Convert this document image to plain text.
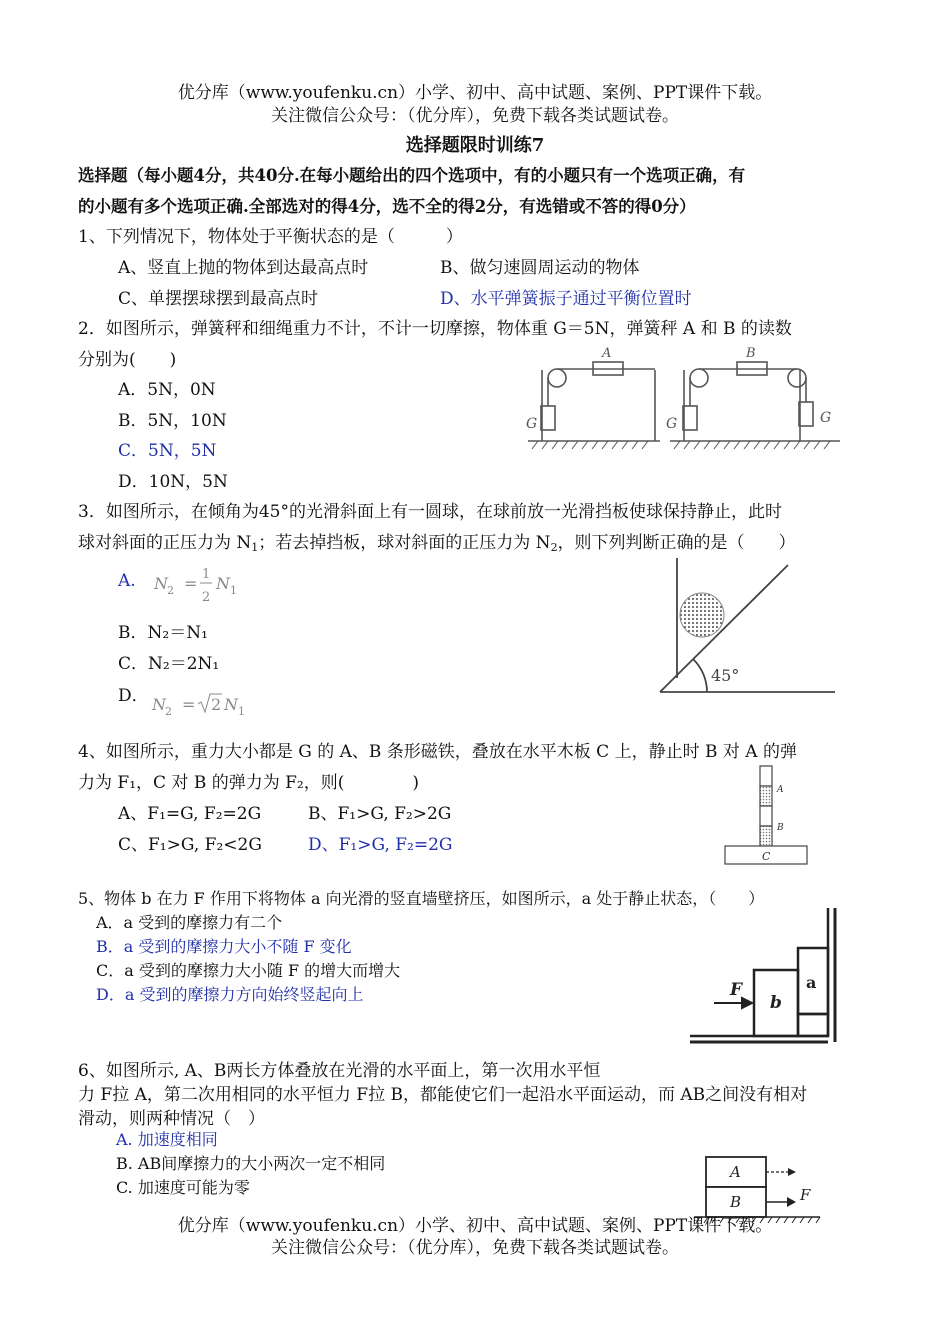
优分库（www.youfenku.cn）小学、初中、高中试题、案例、PPT课件下载。
关注微信公众号：（优分库），免费下载各类试题试卷。
选择题限时训练7
选择题（每小题4分，共40分.在每小题给出的四个选项中，有的小题只有一个选项正确，有
的小题有多个选项正确.全部选对的得4分，选不全的得2分，有选错或不答的得0分）
1、下列情况下，物体处于平衡状态的是（　　　）
A、竖直上抛的物体到达最高点时	B、做匀速圆周运动的物体
C、单摆摆球摆到最高点时	D、水平弹簧振子通过平衡位置时
2．如图所示，弹簧秤和细绳重力不计，不计一切摩擦，物体重 G＝5N，弹簧秤 A 和 B 的读数
分别为(　　)
A．5N，0N
B．5N，10N
C．5N，5N
D．10N，5N
A	B
G	G	G
3．如图所示，在倾角为45°的光滑斜面上有一圆球，在球前放一光滑挡板使球保持静止，此时
球对斜面的正压力为 $N_1$；若去掉挡板，球对斜面的正压力为 $N_2$，则下列判断正确的是（　　）
A. N 2 = 1
2
N 1
B．N₂＝N₁
C．N₂＝2N₁
D． N 2 = 2 N 1
45°
4、如图所示，重力大小都是 G 的 A、B 条形磁铁，叠放在水平木板 C 上，静止时 B 对 A 的弹
力为 F₁，C 对 B 的弹力为 F₂，则(　　　　)
A、F₁=G, F₂=2G	B、F₁>G, F₂>2G
C、F₁>G, F₂<2G	D、F₁>G, F₂=2G
A
B
C
5、物体 b 在力 F 作用下将物体 a 向光滑的竖直墙壁挤压，如图所示，a 处于静止状态，（　　）
A．a 受到的摩擦力有二个
B．a 受到的摩擦力大小不随 F 变化
C．a 受到的摩擦力大小随 F 的增大而增大
D．a 受到的摩擦力方向始终竖起向上	F
b
a
6、如图所示, A、B两长方体叠放在光滑的水平面上，第一次用水平恒
力 F拉 A，第二次用相同的水平恒力 F拉 B，都能使它们一起沿水平面运动，而 AB之间没有相对
滑动，则两种情况（　）
A. 加速度相同
B. AB间摩擦力的大小两次一定不相同
C. 加速度可能为零
A
B	F
优分库（www.youfenku.cn）小学、初中、高中试题、案例、PPT课件下载。
关注微信公众号：（优分库），免费下载各类试题试卷。
